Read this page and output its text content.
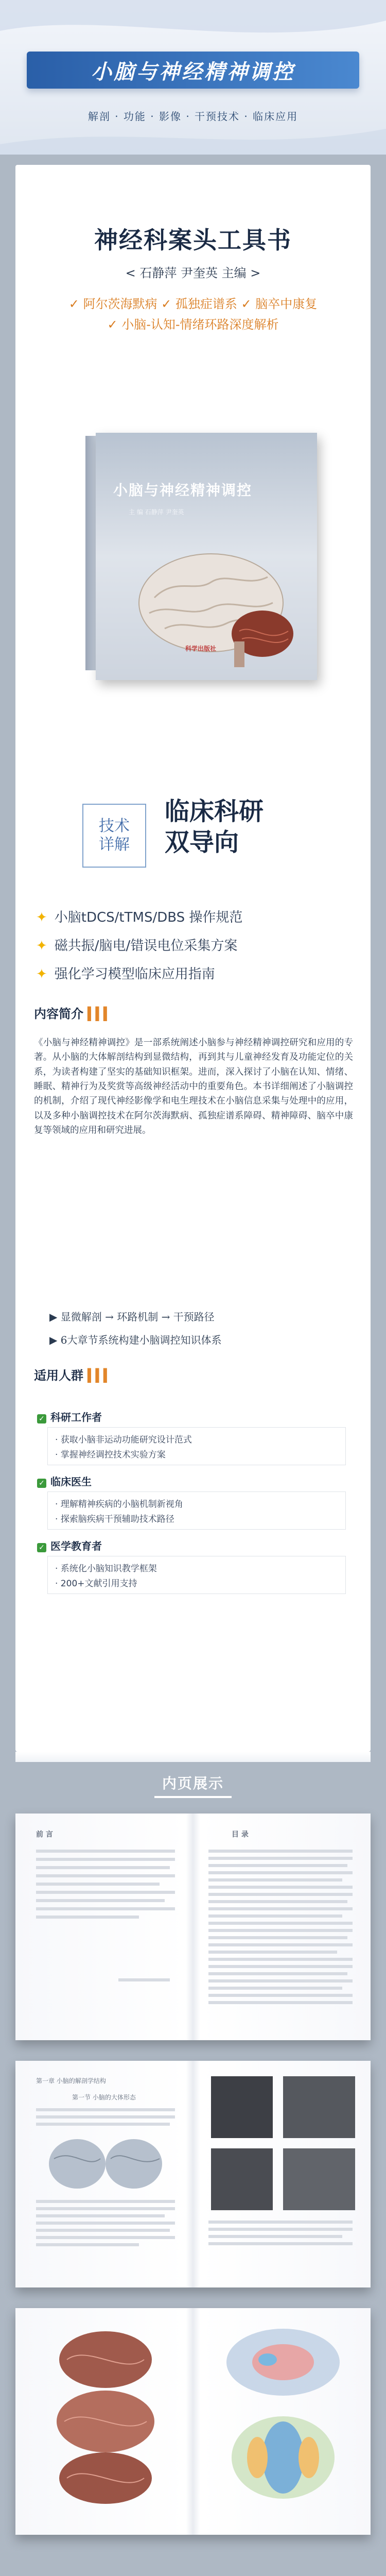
小脑与神经精神调控
解剖 · 功能 · 影像 · 干预技术 · 临床应用
神经科案头工具书
< 石静萍 尹奎英 主编 >
✓ 阿尔茨海默病 ✓ 孤独症谱系 ✓ 脑卒中康复
✓ 小脑-认知-情绪环路深度解析
小脑与神经精神调控
主 编 石静萍 尹奎英
科学出版社
技术
详解
临床科研
双导向
✦ 小脑tDCS/tTMS/DBS 操作规范
✦ 磁共振/脑电/错误电位采集方案
✦ 强化学习模型临床应用指南
内容简介 ▍▍▍
《小脑与神经精神调控》是一部系统阐述小脑参与神经精神调控研究和应用的专著。从小脑的大体解剖结构到显微结构，再到其与儿童神经发育及功能定位的关系，为读者构建了坚实的基础知识框架。进而，深入探讨了小脑在认知、情绪、睡眠、精神行为及奖赏等高级神经活动中的重要角色。本书详细阐述了小脑调控的机制，介绍了现代神经影像学和电生理技术在小脑信息采集与处理中的应用，以及多种小脑调控技术在阿尔茨海默病、孤独症谱系障碍、精神障碍、脑卒中康复等领域的应用和研究进展。
▶ 显微解剖 → 环路机制 → 干预路径
▶ 6大章节系统构建小脑调控知识体系
适用人群 ▍▍▍
✓ 科研工作者
· 获取小脑非运动功能研究设计范式
· 掌握神经调控技术实验方案
✓ 临床医生
· 理解精神疾病的小脑机制新视角
· 探索脑疾病干预辅助技术路径
✓ 医学教育者
· 系统化小脑知识教学框架
· 200+文献引用支持
内页展示
前 言	目 录
第一章 小脑的解剖学结构
第一节 小脑的大体形态
